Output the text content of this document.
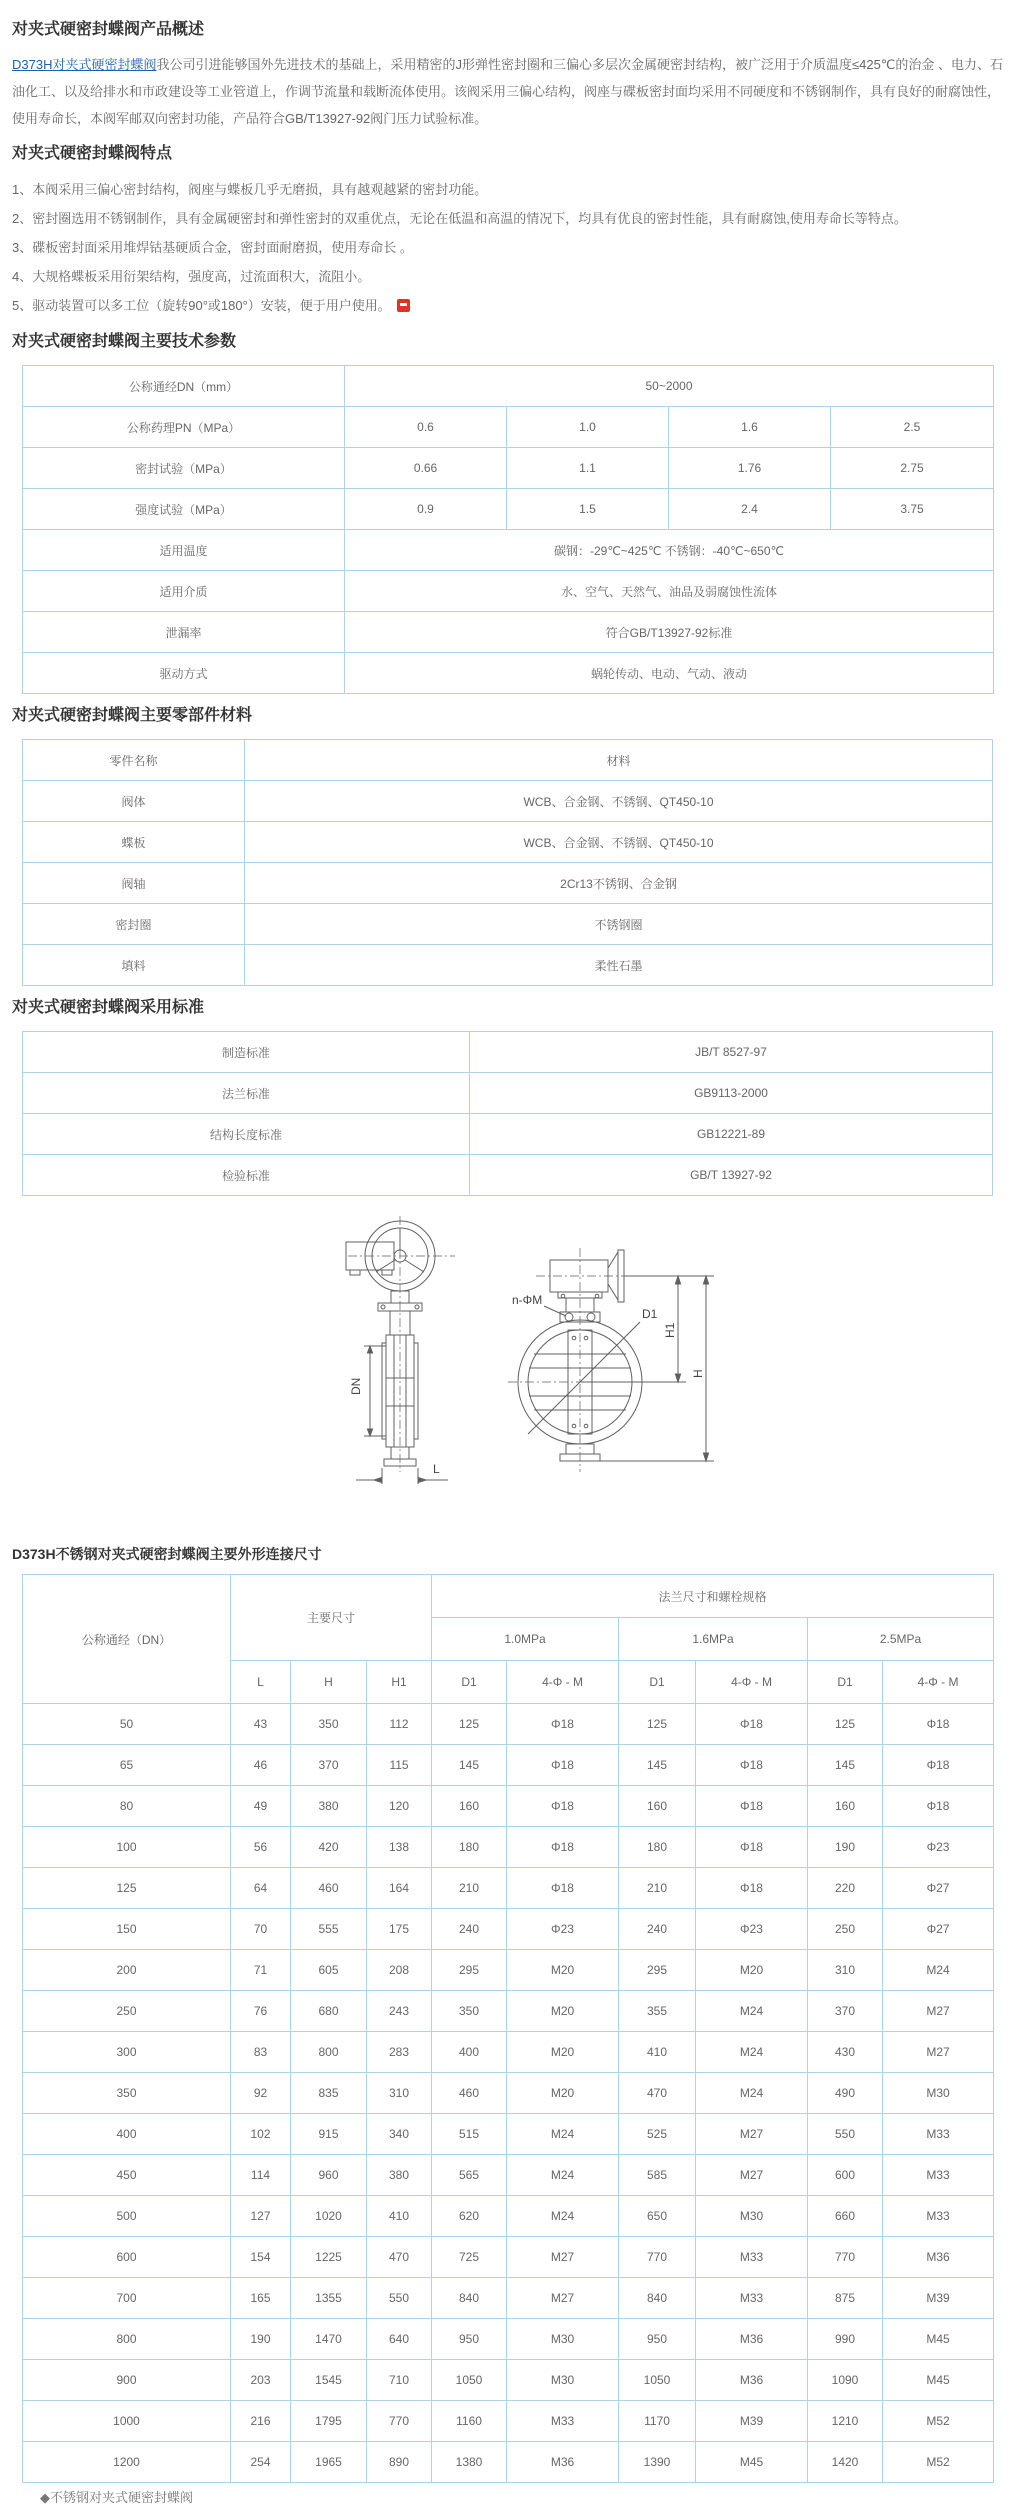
对夹式硬密封蝶阀产品概述

D373H对夹式硬密封蝶阀我公司引进能够国外先进技术的基础上，采用精密的J形弹性密封圈和三偏心多层次金属硬密封结构，被广泛用于介质温度≤425℃的治金 、电力、石油化工、以及给排水和市政建设等工业管道上，作调节流量和载断流体使用。该阀采用三偏心结构，阀座与碟板密封面均采用不同硬度和不锈钢制作，具有良好的耐腐蚀性，使用寿命长，本阀军邮双向密封功能，产品符合GB/T13927-92阀门压力试验标准。

对夹式硬密封蝶阀特点

1、本阀采用三偏心密封结构，阀座与蝶板几乎无磨损，具有越观越紧的密封功能。

2、密封圈选用不锈钢制作，具有金属硬密封和弹性密封的双重优点，无论在低温和高温的情况下，均具有优良的密封性能，具有耐腐蚀,使用寿命长等特点。

3、碟板密封面采用堆焊钴基硬质合金，密封面耐磨损，使用寿命长 。

4、大规格蝶板采用衍架结构，强度高，过流面积大，流阻小。

5、驱动装置可以多工位（旋转90°或180°）安装，便于用户使用。

对夹式硬密封蝶阀主要技术参数
公称通经DN（mm）	50~2000			
公称药理PN（MPa）	0.6	1.0	1.6	2.5
密封试验（MPa）	0.66	1.1	1.76	2.75
强度试验（MPa）	0.9	1.5	2.4	3.75
适用温度	碳钢：-29℃~425℃ 不锈钢：-40℃~650℃			
适用介质	水、空气、天然气、油品及弱腐蚀性流体			
泄漏率	符合GB/T13927-92标准			
驱动方式	蜗轮传动、电动、气动、液动			
对夹式硬密封蝶阀主要零部件材料
零件名称	材料
阀体	WCB、合金钢、不锈钢、QT450-10
蝶板	WCB、合金钢、不锈钢、QT450-10
阀轴	2Cr13不锈钢、合金钢
密封圈	不锈钢圈
填料	柔性石墨
对夹式硬密封蝶阀采用标准
制造标准	JB/T 8527-97
法兰标准	GB9113-2000
结构长度标准	GB12221-89
检验标准	GB/T 13927-92
DN
L
n-ΦM
D1
H1
H
D373H不锈钢对夹式硬密封蝶阀主要外形连接尺寸
公称通经（DN）	主要尺寸			法兰尺寸和螺栓规格					
				1.0MPa		1.6MPa		2.5MPa	
	L	H	H1	D1	4-Φ - M	D1	4-Φ - M	D1	4-Φ - M
50	43	350	112	125	Φ18	125	Φ18	125	Φ18
65	46	370	115	145	Φ18	145	Φ18	145	Φ18
80	49	380	120	160	Φ18	160	Φ18	160	Φ18
100	56	420	138	180	Φ18	180	Φ18	190	Φ23
125	64	460	164	210	Φ18	210	Φ18	220	Φ27
150	70	555	175	240	Φ23	240	Φ23	250	Φ27
200	71	605	208	295	M20	295	M20	310	M24
250	76	680	243	350	M20	355	M24	370	M27
300	83	800	283	400	M20	410	M24	430	M27
350	92	835	310	460	M20	470	M24	490	M30
400	102	915	340	515	M24	525	M27	550	M33
450	114	960	380	565	M24	585	M27	600	M33
500	127	1020	410	620	M24	650	M30	660	M33
600	154	1225	470	725	M27	770	M33	770	M36
700	165	1355	550	840	M27	840	M33	875	M39
800	190	1470	640	950	M30	950	M36	990	M45
900	203	1545	710	1050	M30	1050	M36	1090	M45
1000	216	1795	770	1160	M33	1170	M39	1210	M52
1200	254	1965	890	1380	M36	1390	M45	1420	M52
◆不锈钢对夹式硬密封蝶阀
